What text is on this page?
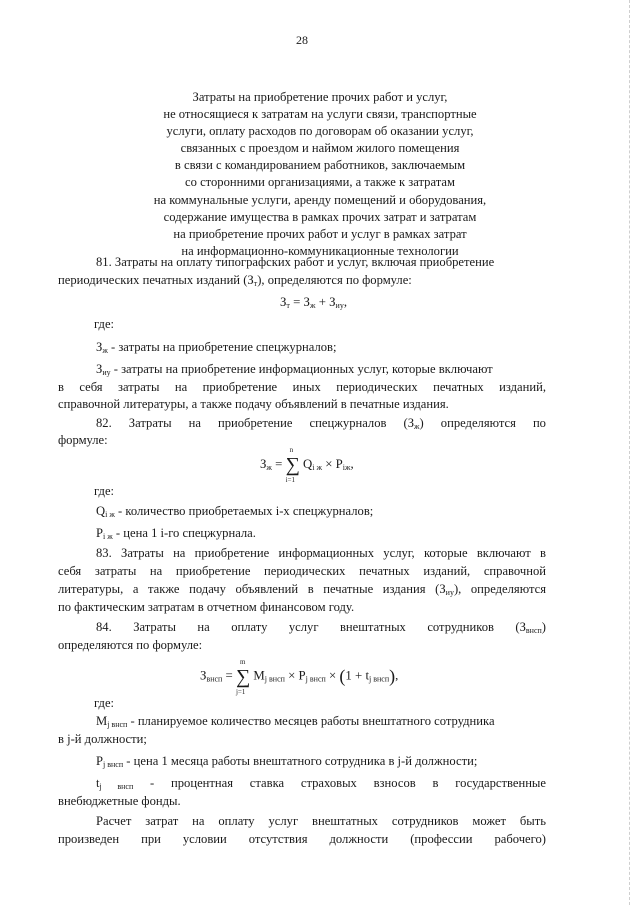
28
Затраты на приобретение прочих работ и услуг,
не относящиеся к затратам на услуги связи, транспортные
услуги, оплату расходов по договорам об оказании услуг,
связанных с проездом и наймом жилого помещения
в связи с командированием работников, заключаемым
со сторонними организациями, а также к затратам
на коммунальные услуги, аренду помещений и оборудования,
содержание имущества в рамках прочих затрат и затратам
на приобретение прочих работ и услуг в рамках затрат
на информационно-коммуникационные технологии
81. Затраты на оплату типографских работ и услуг, включая приобретение
периодических печатных изданий $(З_т)$, определяются по формуле:
$З_т = З_ж + З_{иу}$,
где:
$З_ж$ - затраты на приобретение спецжурналов;
$З_{иу}$ - затраты на приобретение информационных услуг, которые включают
в себя затраты на приобретение иных периодических печатных изданий,
справочной литературы, а также подачу объявлений в печатные издания.
82. Затраты на приобретение спецжурналов $(З_ж)$ определяются по
формуле:
$З_ж$ = ∑
n
i=1
$Q_{i ж} \times P_{iж}$,
где:
$Q_{i ж}$ - количество приобретаемых i-х спецжурналов;
$P_{i ж}$ - цена 1 i-го спецжурнала.
83. Затраты на приобретение информационных услуг, которые включают в
себя затраты на приобретение периодических печатных изданий, справочной
литературы, а также подачу объявлений в печатные издания $(З_{иу})$, определяются
по фактическим затратам в отчетном финансовом году.
84. Затраты на оплату услуг внештатных сотрудников $(З_{внсп})$
определяются по формуле:
$З_{внсп}$ = ∑
m
j=1
$M_{j внсп} \times P_{j внсп} \times (1 + t_{j внсп})$,
где:
$M_{j внсп}$ - планируемое количество месяцев работы внештатного сотрудника
в j-й должности;
$P_{j внсп}$ - цена 1 месяца работы внештатного сотрудника в j-й должности;
$t_{j внсп}$ - процентная ставка страховых взносов в государственные
внебюджетные фонды.
Расчет затрат на оплату услуг внештатных сотрудников может быть
произведен при условии отсутствия должности (профессии рабочего)
